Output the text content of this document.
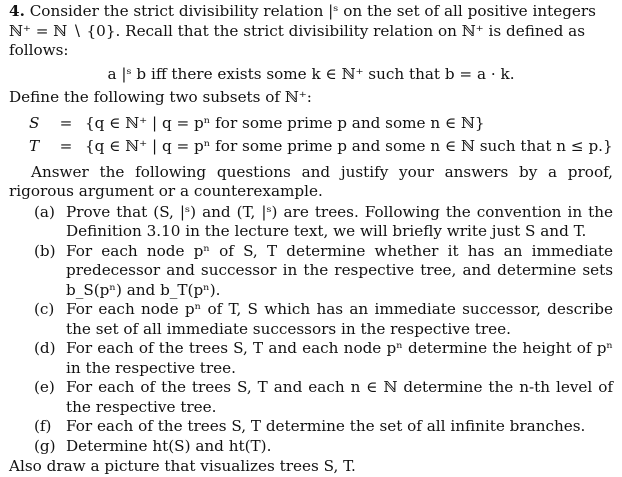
4. Consider the strict divisibility relation |ˢ on the set of all positive integers

ℕ⁺ = ℕ ∖ {0}. Recall that the strict divisibility relation on ℕ⁺ is defined as

follows:

a |ˢ b iff there exists some k ∈ ℕ⁺ such that b = a · k.

Define the following two subsets of ℕ⁺:

S	=	{q ∈ ℕ⁺ | q = pⁿ for some prime p and some n ∈ ℕ}
T	=	{q ∈ ℕ⁺ | q = pⁿ for some prime p and some n ∈ ℕ such that n ≤ p.}

Answer the following questions and justify your answers by a proof, rigorous argument or a counterexample.

(a) Prove that (S, |ˢ) and (T, |ˢ) are trees. Following the convention in the Definition 3.10 in the lecture text, we will briefly write just S and T.
(b) For each node pⁿ of S, T determine whether it has an immediate predecessor and successor in the respective tree, and determine sets b_S(pⁿ) and b_T(pⁿ).
(c) For each node pⁿ of T, S which has an immediate successor, describe the set of all immediate successors in the respective tree.
(d) For each of the trees S, T and each node pⁿ determine the height of pⁿ in the respective tree.
(e) For each of the trees S, T and each n ∈ ℕ determine the n-th level of the respective tree.
(f) For each of the trees S, T determine the set of all infinite branches.
(g) Determine ht(S) and ht(T).

Also draw a picture that visualizes trees S, T.
